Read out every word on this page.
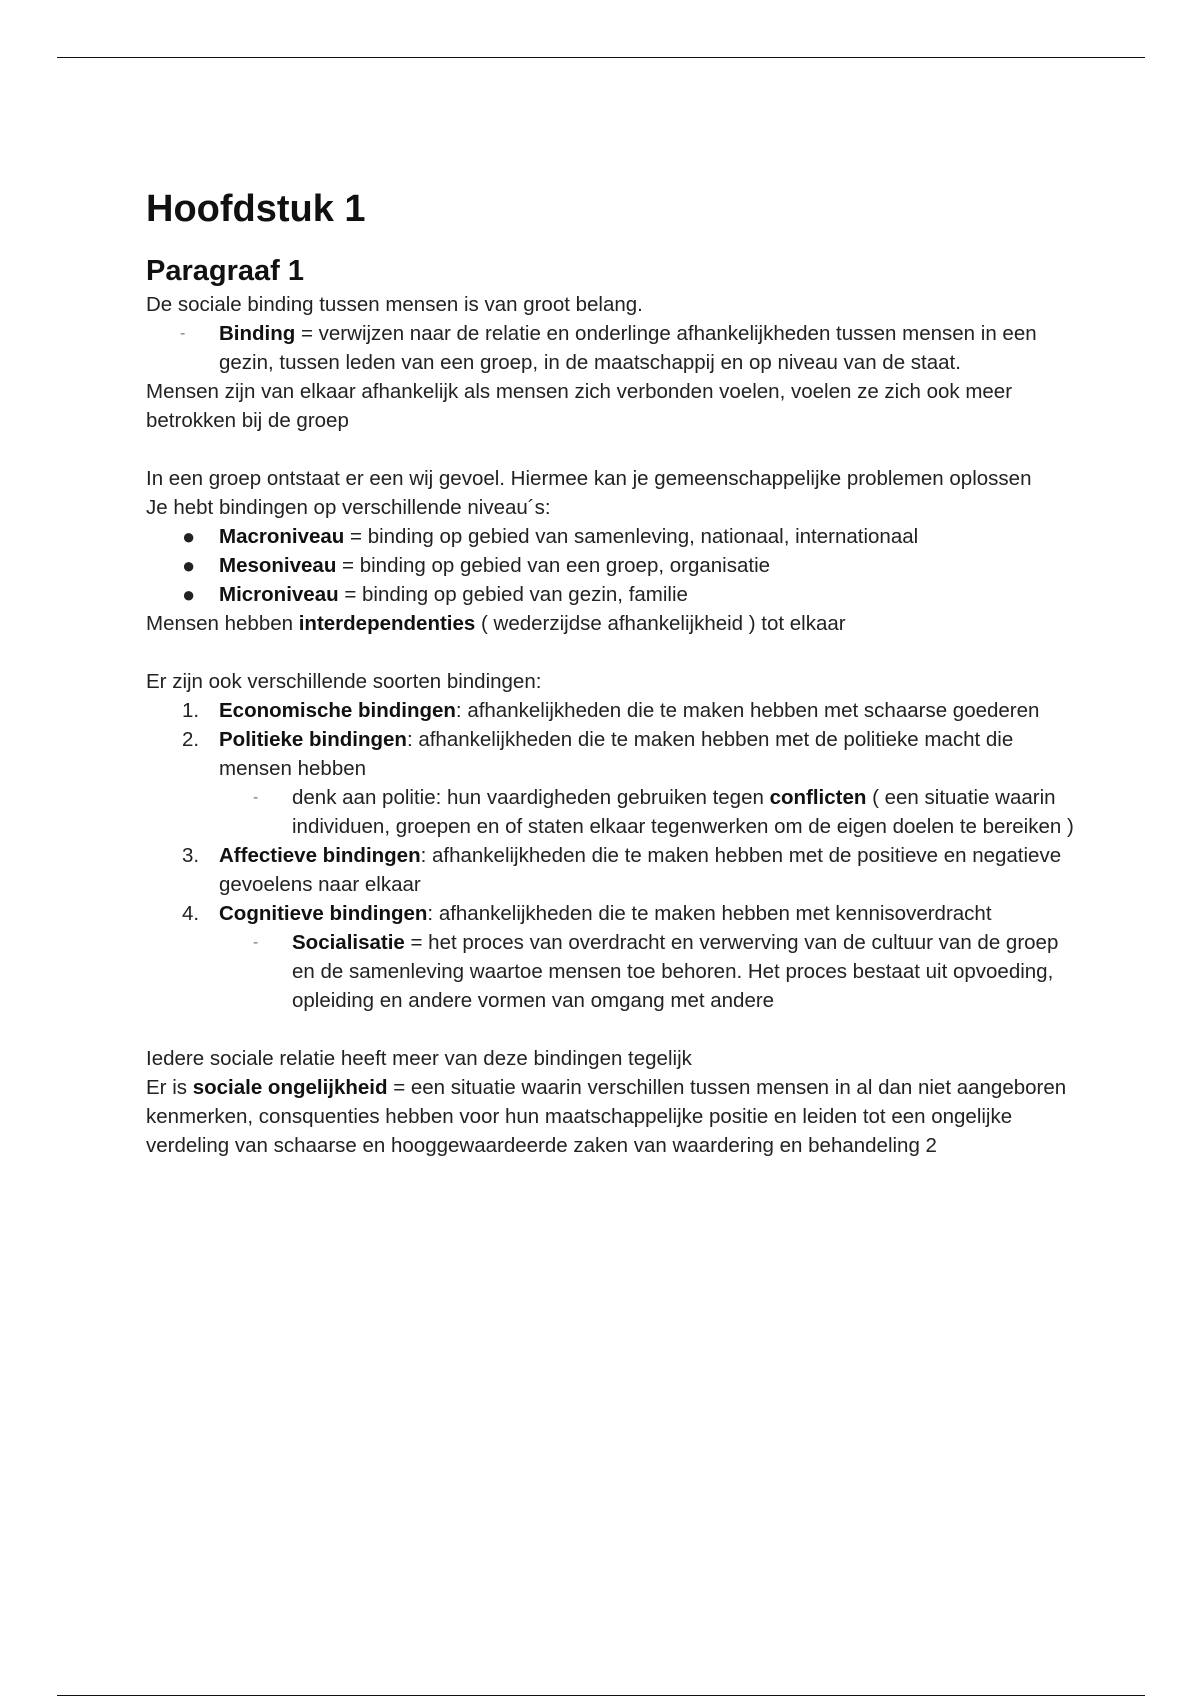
Hoofdstuk 1
Paragraaf 1

De sociale binding tussen mensen is van groot belang.

- Binding = verwijzen naar de relatie en onderlinge afhankelijkheden tussen mensen in een gezin, tussen leden van een groep, in de maatschappij en op niveau van de staat.

Mensen zijn van elkaar afhankelijk als mensen zich verbonden voelen, voelen ze zich ook meer betrokken bij de groep

In een groep ontstaat er een wij gevoel. Hiermee kan je gemeenschappelijke problemen oplossen

Je hebt bindingen op verschillende niveau´s:

● Macroniveau = binding op gebied van samenleving, nationaal, internationaal
● Mesoniveau = binding op gebied van een groep, organisatie
● Microniveau = binding op gebied van gezin, familie

Mensen hebben interdependenties ( wederzijdse afhankelijkheid ) tot elkaar

Er zijn ook verschillende soorten bindingen:

1. Economische bindingen: afhankelijkheden die te maken hebben met schaarse goederen
2. Politieke bindingen: afhankelijkheden die te maken hebben met de politieke macht die mensen hebben
- denk aan politie: hun vaardigheden gebruiken tegen conflicten ( een situatie waarin individuen, groepen en of staten elkaar tegenwerken om de eigen doelen te bereiken )
3. Affectieve bindingen: afhankelijkheden die te maken hebben met de positieve en negatieve gevoelens naar elkaar
4. Cognitieve bindingen: afhankelijkheden die te maken hebben met kennisoverdracht
- Socialisatie = het proces van overdracht en verwerving van de cultuur van de groep en de samenleving waartoe mensen toe behoren. Het proces bestaat uit opvoeding, opleiding en andere vormen van omgang met andere

Iedere sociale relatie heeft meer van deze bindingen tegelijk

Er is sociale ongelijkheid = een situatie waarin verschillen tussen mensen in al dan niet aangeboren kenmerken, consquenties hebben voor hun maatschappelijke positie en leiden tot een ongelijke verdeling van schaarse en hooggewaardeerde zaken van waardering en behandeling 2
